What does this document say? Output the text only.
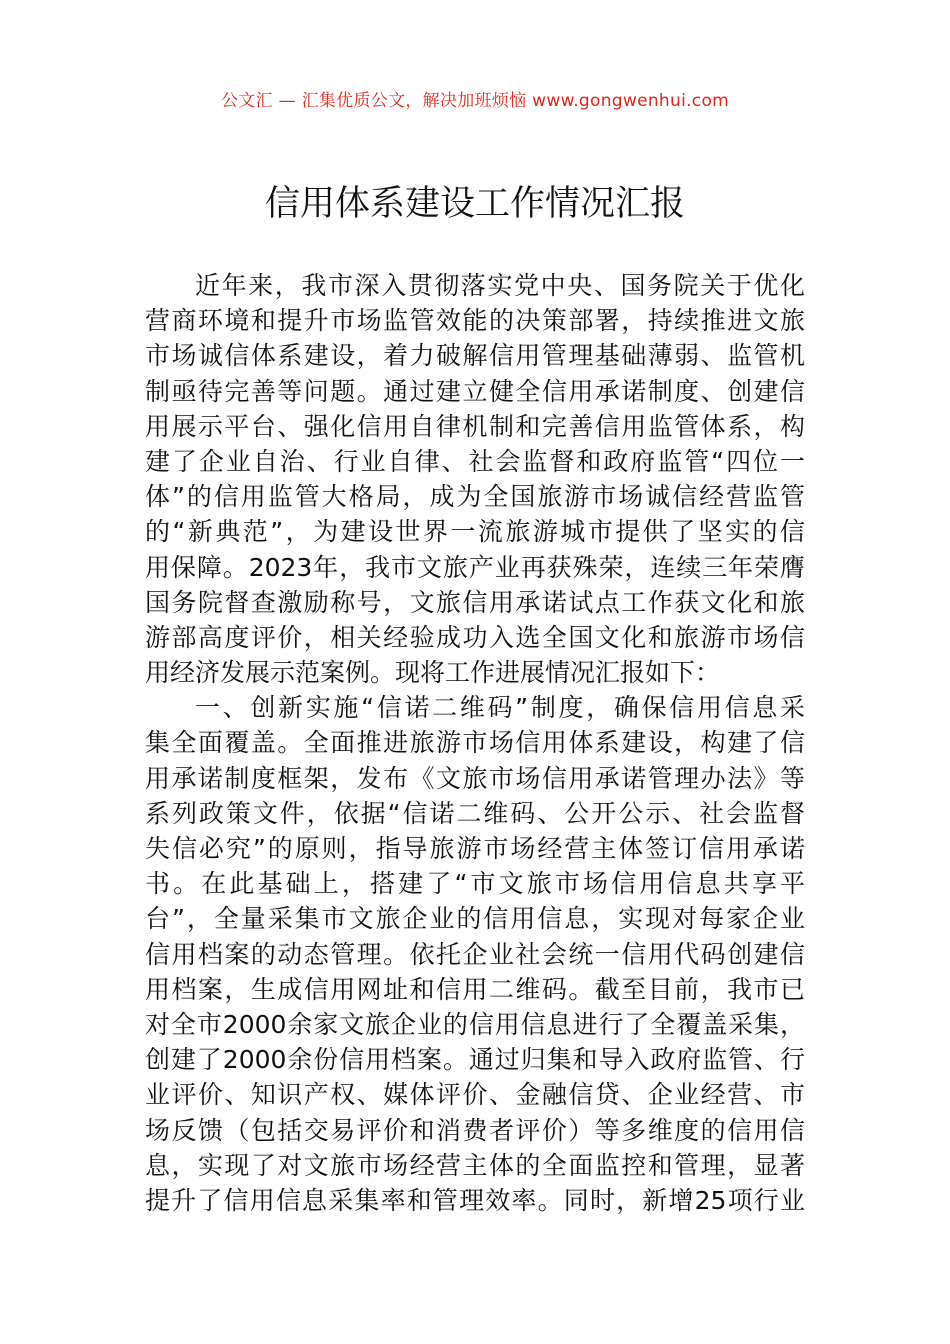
公文汇 — 汇集优质公文，解决加班烦恼 www.gongwenhui.com
信用体系建设工作情况汇报
近年来，我市深入贯彻落实党中央、国务院关于优化
营商环境和提升市场监管效能的决策部署，持续推进文旅
市场诚信体系建设，着力破解信用管理基础薄弱、监管机
制亟待完善等问题。通过建立健全信用承诺制度、创建信
用展示平台、强化信用自律机制和完善信用监管体系，构
建了企业自治、行业自律、社会监督和政府监管“四位一
体”的信用监管大格局，成为全国旅游市场诚信经营监管
的“新典范”，为建设世界一流旅游城市提供了坚实的信
用保障。2023年，我市文旅产业再获殊荣，连续三年荣膺
国务院督查激励称号，文旅信用承诺试点工作获文化和旅
游部高度评价，相关经验成功入选全国文化和旅游市场信
用经济发展示范案例。现将工作进展情况汇报如下：
一、创新实施“信诺二维码”制度，确保信用信息采
集全面覆盖。全面推进旅游市场信用体系建设，构建了信
用承诺制度框架，发布《文旅市场信用承诺管理办法》等
系列政策文件，依据“信诺二维码、公开公示、社会监督
失信必究”的原则，指导旅游市场经营主体签订信用承诺
书。在此基础上，搭建了“市文旅市场信用信息共享平
台”，全量采集市文旅企业的信用信息，实现对每家企业
信用档案的动态管理。依托企业社会统一信用代码创建信
用档案，生成信用网址和信用二维码。截至目前，我市已
对全市2000余家文旅企业的信用信息进行了全覆盖采集，
创建了2000余份信用档案。通过归集和导入政府监管、行
业评价、知识产权、媒体评价、金融信贷、企业经营、市
场反馈（包括交易评价和消费者评价）等多维度的信用信
息，实现了对文旅市场经营主体的全面监控和管理，显著
提升了信用信息采集率和管理效率。同时，新增25项行业
